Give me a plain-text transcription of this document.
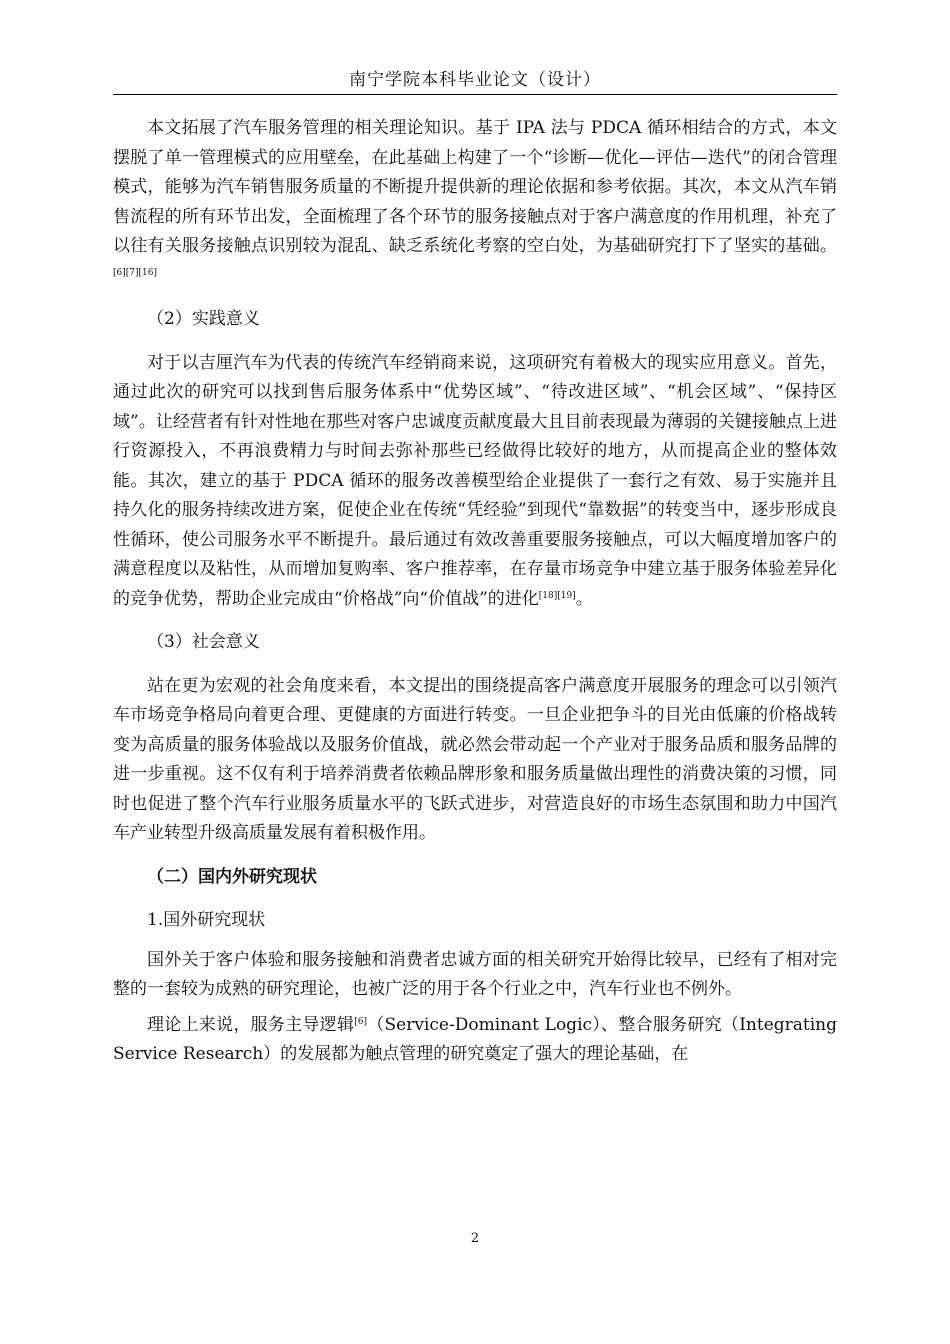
南宁学院本科毕业论文（设计）

本文拓展了汽车服务管理的相关理论知识。基于 IPA 法与 PDCA 循环相结合的方式，本文摆脱了单一管理模式的应用壁垒，在此基础上构建了一个“诊断—优化—评估—迭代”的闭合管理模式，能够为汽车销售服务质量的不断提升提供新的理论依据和参考依据。其次，本文从汽车销售流程的所有环节出发，全面梳理了各个环节的服务接触点对于客户满意度的作用机理，补充了以往有关服务接触点识别较为混乱、缺乏系统化考察的空白处，为基础研究打下了坚实的基础。[6][7][16]

（2）实践意义

对于以吉厘汽车为代表的传统汽车经销商来说，这项研究有着极大的现实应用意义。首先，通过此次的研究可以找到售后服务体系中“优势区域”、“待改进区域”、“机会区域”、“保持区域”。让经营者有针对性地在那些对客户忠诚度贡献度最大且目前表现最为薄弱的关键接触点上进行资源投入，不再浪费精力与时间去弥补那些已经做得比较好的地方，从而提高企业的整体效能。其次，建立的基于 PDCA 循环的服务改善模型给企业提供了一套行之有效、易于实施并且持久化的服务持续改进方案，促使企业在传统“凭经验”到现代“靠数据”的转变当中，逐步形成良性循环，使公司服务水平不断提升。最后通过有效改善重要服务接触点，可以大幅度增加客户的满意程度以及粘性，从而增加复购率、客户推荐率，在存量市场竞争中建立基于服务体验差异化的竞争优势，帮助企业完成由“价格战”向“价值战”的进化[18][19]。

（3）社会意义

站在更为宏观的社会角度来看，本文提出的围绕提高客户满意度开展服务的理念可以引领汽车市场竞争格局向着更合理、更健康的方面进行转变。一旦企业把争斗的目光由低廉的价格战转变为高质量的服务体验战以及服务价值战，就必然会带动起一个产业对于服务品质和服务品牌的进一步重视。这不仅有利于培养消费者依赖品牌形象和服务质量做出理性的消费决策的习惯，同时也促进了整个汽车行业服务质量水平的飞跃式进步，对营造良好的市场生态氛围和助力中国汽车产业转型升级高质量发展有着积极作用。

（二）国内外研究现状

1.国外研究现状

国外关于客户体验和服务接触和消费者忠诚方面的相关研究开始得比较早，已经有了相对完整的一套较为成熟的研究理论，也被广泛的用于各个行业之中，汽车行业也不例外。

理论上来说，服务主导逻辑[6]（Service-Dominant Logic）、整合服务研究（Integrating Service Research）的发展都为触点管理的研究奠定了强大的理论基础，在

2
